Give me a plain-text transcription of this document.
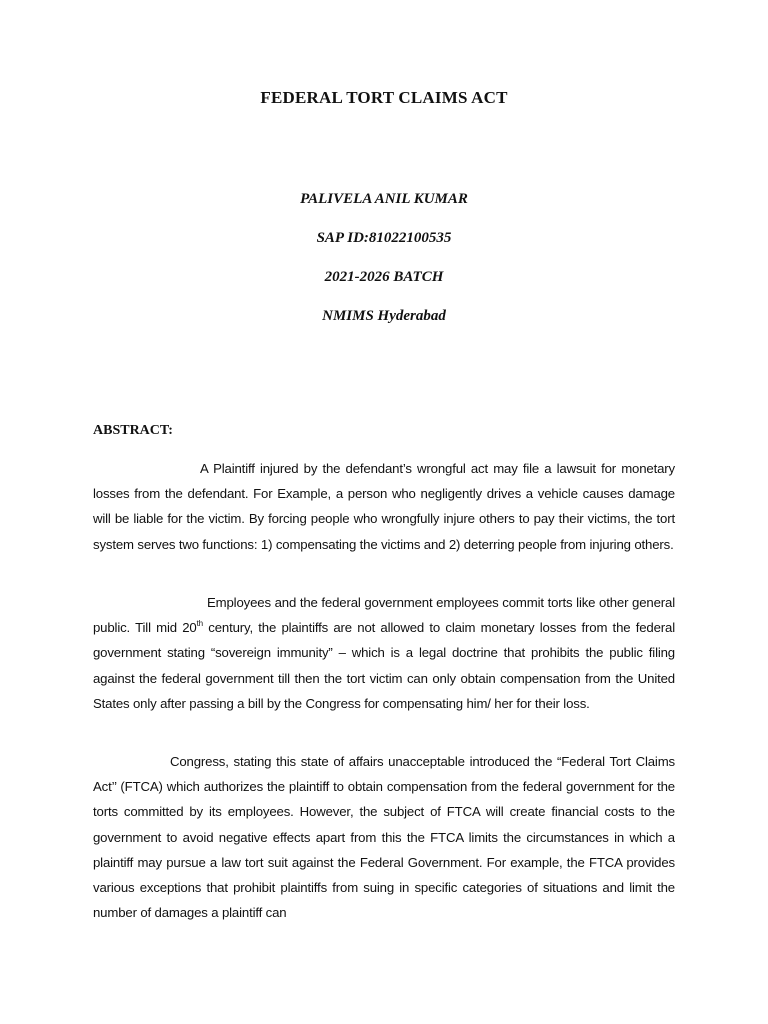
FEDERAL TORT CLAIMS ACT

PALIVELA ANIL KUMAR

SAP ID:81022100535

2021-2026 BATCH

NMIMS Hyderabad

ABSTRACT:

A Plaintiff injured by the defendant’s wrongful act may file a lawsuit for monetary losses from the defendant. For Example, a person who negligently drives a vehicle causes damage will be liable for the victim. By forcing people who wrongfully injure others to pay their victims, the tort system serves two functions: 1) compensating the victims and 2) deterring people from injuring others.

Employees and the federal government employees commit torts like other general public. Till mid 20th century, the plaintiffs are not allowed to claim monetary losses from the federal government stating “sovereign immunity” – which is a legal doctrine that prohibits the public filing against the federal government till then the tort victim can only obtain compensation from the United States only after passing a bill by the Congress for compensating him/ her for their loss.

Congress, stating this state of affairs unacceptable introduced the “Federal Tort Claims Act’’ (FTCA) which authorizes the plaintiff to obtain compensation from the federal government for the torts committed by its employees. However, the subject of FTCA will create financial costs to the government to avoid negative effects apart from this the FTCA limits the circumstances in which a plaintiff may pursue a law tort suit against the Federal Government. For example, the FTCA provides various exceptions that prohibit plaintiffs from suing in specific categories of situations and limit the number of damages a plaintiff can
